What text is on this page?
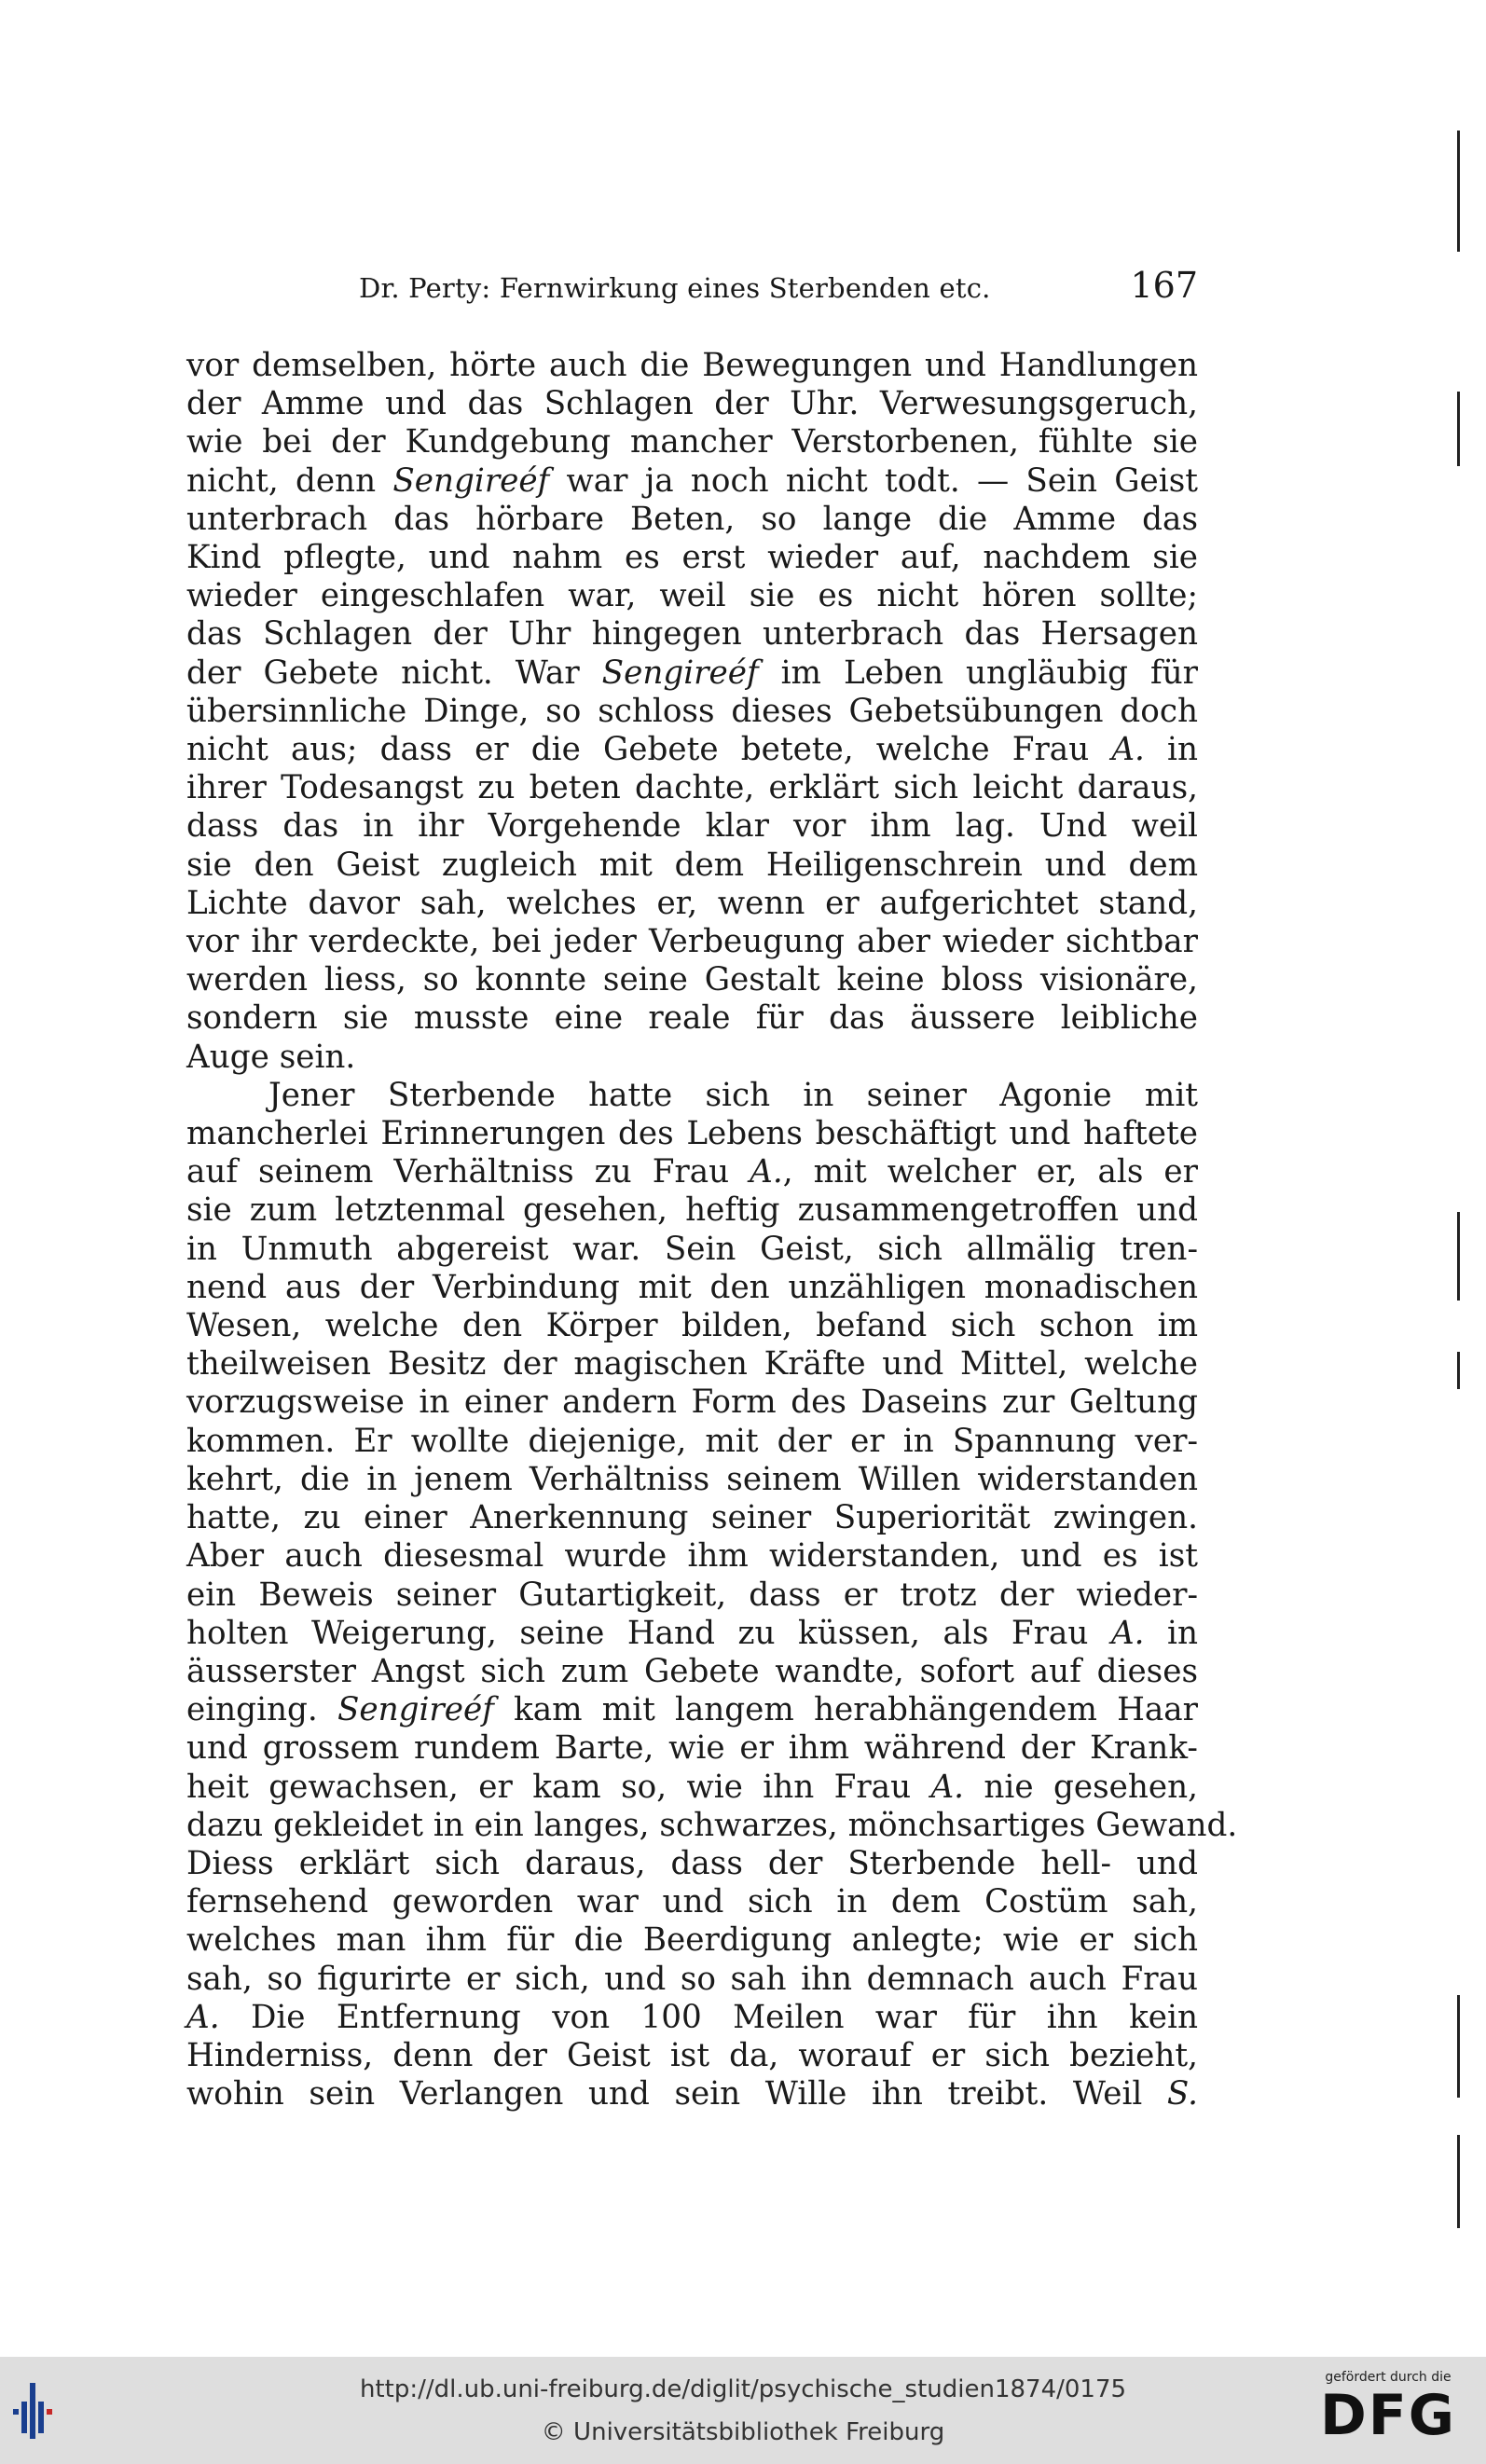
Dr. Perty: Fernwirkung eines Sterbenden etc.	167
vor demselben, hörte auch die Bewegungen und Handlungen
der Amme und das Schlagen der Uhr. Verwesungsgeruch,
wie bei der Kundgebung mancher Verstorbenen, fühlte sie
nicht, denn Sengireéf war ja noch nicht todt. — Sein Geist
unterbrach das hörbare Beten, so lange die Amme das
Kind pflegte, und nahm es erst wieder auf, nachdem sie
wieder eingeschlafen war, weil sie es nicht hören sollte;
das Schlagen der Uhr hingegen unterbrach das Hersagen
der Gebete nicht. War Sengireéf im Leben ungläubig für
übersinnliche Dinge, so schloss dieses Gebetsübungen doch
nicht aus; dass er die Gebete betete, welche Frau A. in
ihrer Todesangst zu beten dachte, erklärt sich leicht daraus,
dass das in ihr Vorgehende klar vor ihm lag. Und weil
sie den Geist zugleich mit dem Heiligenschrein und dem
Lichte davor sah, welches er, wenn er aufgerichtet stand,
vor ihr verdeckte, bei jeder Verbeugung aber wieder sichtbar
werden liess, so konnte seine Gestalt keine bloss visionäre,
sondern sie musste eine reale für das äussere leibliche
Auge sein.
Jener Sterbende hatte sich in seiner Agonie mit
mancherlei Erinnerungen des Lebens beschäftigt und haftete
auf seinem Verhältniss zu Frau A., mit welcher er, als er
sie zum letztenmal gesehen, heftig zusammengetroffen und
in Unmuth abgereist war. Sein Geist, sich allmälig tren-
nend aus der Verbindung mit den unzähligen monadischen
Wesen, welche den Körper bilden, befand sich schon im
theilweisen Besitz der magischen Kräfte und Mittel, welche
vorzugsweise in einer andern Form des Daseins zur Geltung
kommen. Er wollte diejenige, mit der er in Spannung ver-
kehrt, die in jenem Verhältniss seinem Willen widerstanden
hatte, zu einer Anerkennung seiner Superiorität zwingen.
Aber auch diesesmal wurde ihm widerstanden, und es ist
ein Beweis seiner Gutartigkeit, dass er trotz der wieder-
holten Weigerung, seine Hand zu küssen, als Frau A. in
äusserster Angst sich zum Gebete wandte, sofort auf dieses
einging. Sengireéf kam mit langem herabhängendem Haar
und grossem rundem Barte, wie er ihm während der Krank-
heit gewachsen, er kam so, wie ihn Frau A. nie gesehen,
dazu gekleidet in ein langes, schwarzes, mönchsartiges Gewand.
Diess erklärt sich daraus, dass der Sterbende hell- und
fernsehend geworden war und sich in dem Costüm sah,
welches man ihm für die Beerdigung anlegte; wie er sich
sah, so figurirte er sich, und so sah ihn demnach auch Frau
A. Die Entfernung von 100 Meilen war für ihn kein
Hinderniss, denn der Geist ist da, worauf er sich bezieht,
wohin sein Verlangen und sein Wille ihn treibt. Weil S.
http://dl.ub.uni-freiburg.de/diglit/psychische_studien1874/0175
© Universitätsbibliothek Freiburg
gefördert durch die
DFG
